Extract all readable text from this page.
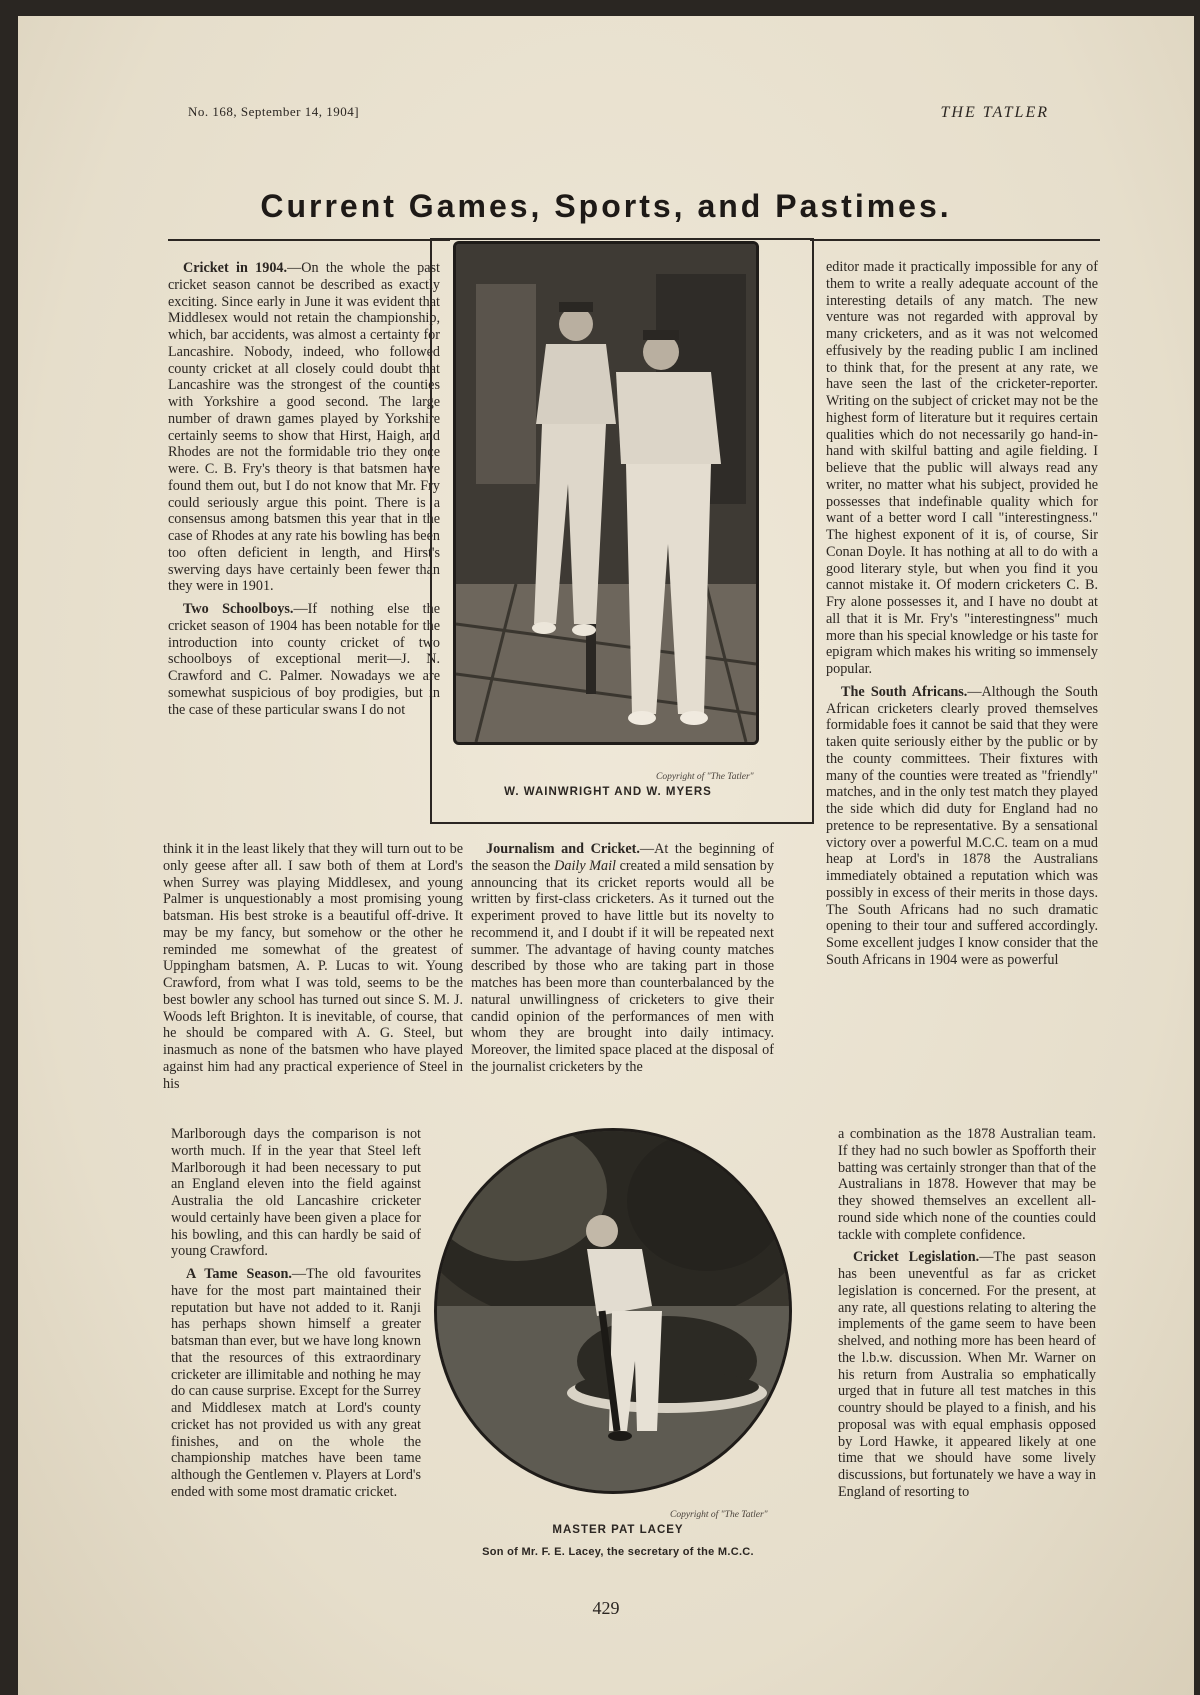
No. 168, September 14, 1904]	THE TATLER
Current Games, Sports, and Pastimes.

Cricket in 1904.—On the whole the past cricket season cannot be described as exactly exciting. Since early in June it was evident that Middlesex would not retain the championship, which, bar accidents, was almost a certainty for Lancashire. Nobody, indeed, who followed county cricket at all closely could doubt that Lancashire was the strongest of the counties with Yorkshire a good second. The large number of drawn games played by Yorkshire certainly seems to show that Hirst, Haigh, and Rhodes are not the formidable trio they once were. C. B. Fry's theory is that batsmen have found them out, but I do not know that Mr. Fry could seriously argue this point. There is a consensus among batsmen this year that in the case of Rhodes at any rate his bowling has been too often deficient in length, and Hirst's swerving days have certainly been fewer than they were in 1901.

Two Schoolboys.—If nothing else the cricket season of 1904 has been notable for the introduction into county cricket of two schoolboys of exceptional merit—J. N. Crawford and C. Palmer. Nowadays we are somewhat suspicious of boy prodigies, but in the case of these particular swans I do not

think it in the least likely that they will turn out to be only geese after all. I saw both of them at Lord's when Surrey was playing Middlesex, and young Palmer is unquestionably a most promising young batsman. His best stroke is a beautiful off-drive. It may be my fancy, but somehow or the other he reminded me somewhat of the greatest of Uppingham batsmen, A. P. Lucas to wit. Young Crawford, from what I was told, seems to be the best bowler any school has turned out since S. M. J. Woods left Brighton. It is inevitable, of course, that he should be compared with A. G. Steel, but inasmuch as none of the batsmen who have played against him had any practical experience of Steel in his

Marlborough days the comparison is not worth much. If in the year that Steel left Marlborough it had been necessary to put an England eleven into the field against Australia the old Lancashire cricketer would certainly have been given a place for his bowling, and this can hardly be said of young Crawford.

A Tame Season.—The old favourites have for the most part maintained their reputation but have not added to it. Ranji has perhaps shown himself a greater batsman than ever, but we have long known that the resources of this extraordinary cricketer are illimitable and nothing he may do can cause surprise. Except for the Surrey and Middlesex match at Lord's county cricket has not provided us with any great finishes, and on the whole the championship matches have been tame although the Gentlemen v. Players at Lord's ended with some most dramatic cricket.

Copyright of "The Tatler"
W. WAINWRIGHT AND W. MYERS

Journalism and Cricket.—At the beginning of the season the Daily Mail created a mild sensation by announcing that its cricket reports would all be written by first-class cricketers. As it turned out the experiment proved to have little but its novelty to recommend it, and I doubt if it will be repeated next summer. The advantage of having county matches described by those who are taking part in those matches has been more than counterbalanced by the natural unwillingness of cricketers to give their candid opinion of the performances of men with whom they are brought into daily intimacy. Moreover, the limited space placed at the disposal of the journalist cricketers by the

editor made it practically impossible for any of them to write a really adequate account of the interesting details of any match. The new venture was not regarded with approval by many cricketers, and as it was not welcomed effusively by the reading public I am inclined to think that, for the present at any rate, we have seen the last of the cricketer-reporter. Writing on the subject of cricket may not be the highest form of literature but it requires certain qualities which do not necessarily go hand-in-hand with skilful batting and agile fielding. I believe that the public will always read any writer, no matter what his subject, provided he possesses that indefinable quality which for want of a better word I call "interestingness." The highest exponent of it is, of course, Sir Conan Doyle. It has nothing at all to do with a good literary style, but when you find it you cannot mistake it. Of modern cricketers C. B. Fry alone possesses it, and I have no doubt at all that it is Mr. Fry's "interestingness" much more than his special knowledge or his taste for epigram which makes his writing so immensely popular.

The South Africans.—Although the South African cricketers clearly proved themselves formidable foes it cannot be said that they were taken quite seriously either by the public or by the county committees. Their fixtures with many of the counties were treated as "friendly" matches, and in the only test match they played the side which did duty for England had no pretence to be representative. By a sensational victory over a powerful M.C.C. team on a mud heap at Lord's in 1878 the Australians immediately obtained a reputation which was possibly in excess of their merits in those days. The South Africans had no such dramatic opening to their tour and suffered accordingly. Some excellent judges I know consider that the South Africans in 1904 were as powerful

a combination as the 1878 Australian team. If they had no such bowler as Spofforth their batting was certainly stronger than that of the Australians in 1878. However that may be they showed themselves an excellent all-round side which none of the counties could tackle with complete confidence.

Cricket Legislation.—The past season has been uneventful as far as cricket legislation is concerned. For the present, at any rate, all questions relating to altering the implements of the game seem to have been shelved, and nothing more has been heard of the l.b.w. discussion. When Mr. Warner on his return from Australia so emphatically urged that in future all test matches in this country should be played to a finish, and his proposal was with equal emphasis opposed by Lord Hawke, it appeared likely at one time that we should have some lively discussions, but fortunately we have a way in England of resorting to

Copyright of "The Tatler"
MASTER PAT LACEY
Son of Mr. F. E. Lacey, the secretary of the M.C.C.
429
